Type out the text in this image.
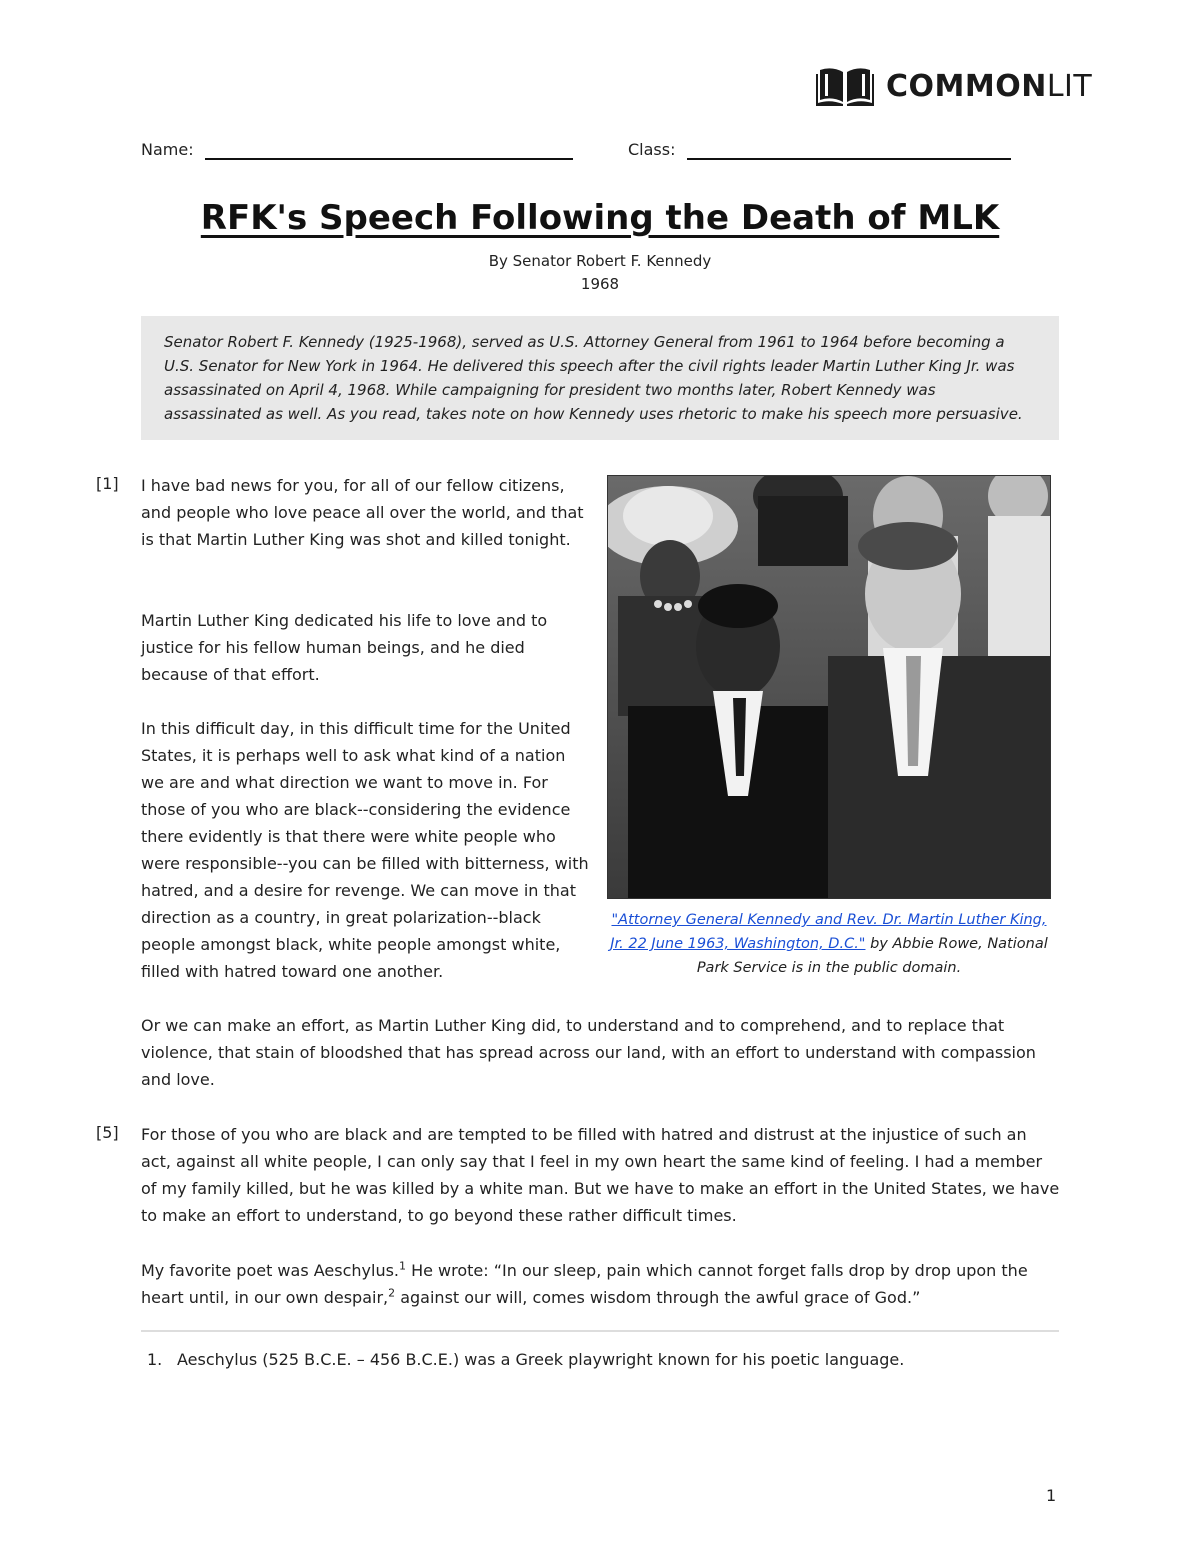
COMMONLIT
Name:	Class:
RFK's Speech Following the Death of MLK
By Senator Robert F. Kennedy
1968
Senator Robert F. Kennedy (1925-1968), served as U.S. Attorney General from 1961 to 1964 before becoming a U.S. Senator for New York in 1964. He delivered this speech after the civil rights leader Martin Luther King Jr. was assassinated on April 4, 1968. While campaigning for president two months later, Robert Kennedy was assassinated as well. As you read, takes note on how Kennedy uses rhetoric to make his speech more persuasive.
[1] I have bad news for you, for all of our fellow citizens, and people who love peace all over the world, and that is that Martin Luther King was shot and killed tonight.
Martin Luther King dedicated his life to love and to justice for his fellow human beings, and he died because of that effort.
In this difficult day, in this difficult time for the United States, it is perhaps well to ask what kind of a nation we are and what direction we want to move in. For those of you who are black--considering the evidence there evidently is that there were white people who were responsible--you can be filled with bitterness, with hatred, and a desire for revenge. We can move in that direction as a country, in great polarization--black people amongst black, white people amongst white, filled with hatred toward one another.
Or we can make an effort, as Martin Luther King did, to understand and to comprehend, and to replace that violence, that stain of bloodshed that has spread across our land, with an effort to understand with compassion and love.
[5] For those of you who are black and are tempted to be filled with hatred and distrust at the injustice of such an act, against all white people, I can only say that I feel in my own heart the same kind of feeling. I had a member of my family killed, but he was killed by a white man. But we have to make an effort in the United States, we have to make an effort to understand, to go beyond these rather difficult times.
My favorite poet was Aeschylus.$^1$ He wrote: “In our sleep, pain which cannot forget falls drop by drop upon the heart until, in our own despair,$^2$ against our will, comes wisdom through the awful grace of God.”
"Attorney General Kennedy and Rev. Dr. Martin Luther King, Jr. 22 June 1963, Washington, D.C." by Abbie Rowe, National Park Service is in the public domain.
1. Aeschylus (525 B.C.E. – 456 B.C.E.) was a Greek playwright known for his poetic language.
1
